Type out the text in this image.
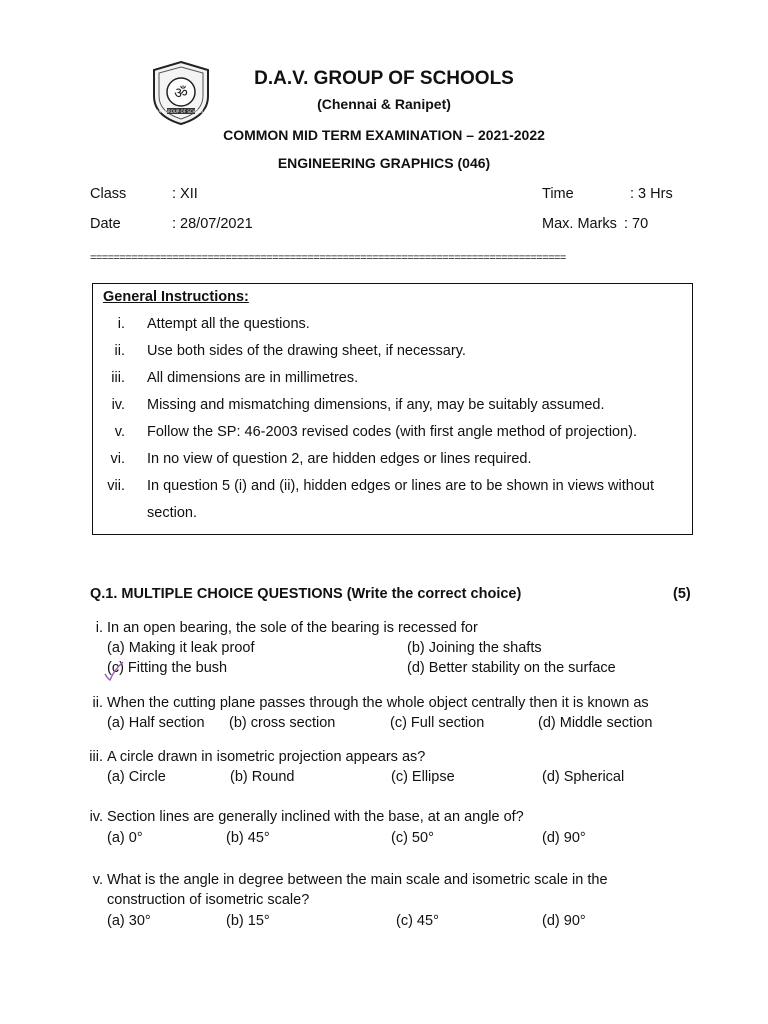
ॐ
DAV GROUP OF SCHOOLS
D.A.V. GROUP OF SCHOOLS
(Chennai & Ranipet)
COMMON MID TERM EXAMINATION – 2021-2022
ENGINEERING GRAPHICS (046)
Class	: XII	Time	: 3 Hrs
Date	: 28/07/2021	Max. Marks : 70
=================================================================================
General Instructions:
i. Attempt all the questions.
ii. Use both sides of the drawing sheet, if necessary.
iii. All dimensions are in millimetres.
iv. Missing and mismatching dimensions, if any, may be suitably assumed.
v. Follow the SP: 46-2003 revised codes (with first angle method of projection).
vi. In no view of question 2, are hidden edges or lines required.
vii. In question 5 (i) and (ii), hidden edges or lines are to be shown in views without
section.
Q.1. MULTIPLE CHOICE QUESTIONS (Write the correct choice)	(5)
i. In an open bearing, the sole of the bearing is recessed for
(a) Making it leak proof	(b) Joining the shafts
(c) Fitting the bush	(d) Better stability on the surface
ii. When the cutting plane passes through the whole object centrally then it is known as
(a) Half section (b) cross section	(c) Full section	(d) Middle section
iii. A circle drawn in isometric projection appears as?
(a) Circle	(b) Round	(c) Ellipse	(d) Spherical
iv. Section lines are generally inclined with the base, at an angle of?
(a) 0°	(b) 45°	(c) 50°	(d) 90°
v. What is the angle in degree between the main scale and isometric scale in the
construction of isometric scale?
(a) 30°	(b) 15°	(c) 45°	(d) 90°
